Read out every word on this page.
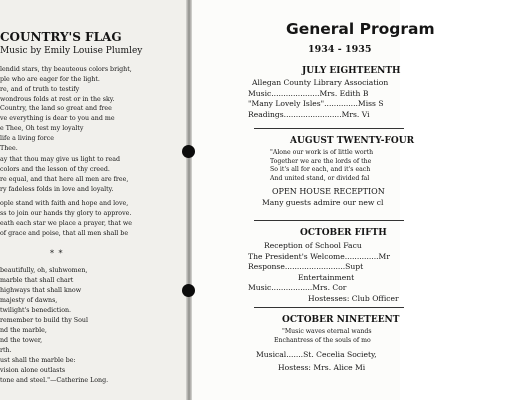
COUNTRY'S FLAG
Music by Emily Louise Plumley
lendid stars, thy beauteous colors bright,
ple who are eager for the light.
re, and of truth to testify
wondrous folds at rest or in the sky.
Country, the land so great and free
ve everything is dear to you and me
e Thee, Oh test my loyalty
life a living force
Thee.
ay that thou may give us light to read
colors and the lesson of thy creed.
re equal, and that here all men are free,
ry fadeless folds in love and loyalty.
ople stand with faith and hope and love,
ss to join our hands thy glory to approve.
eath each star we place a prayer, that we
of grace and poise, that all men shall be
* *
beautifully, oh, sluhwomen,
marble that shall chart
highways that shall know
majesty of dawns,
twilight's benediction.
remember to build thy Soul
nd the marble,
nd the tower,
rth.
ust shall the marble be:
vision alone outlasts
tone and steel."—Catherine Long.
General Program
1934 - 1935
JULY EIGHTEENTH
Allegan County Library Association
Music....................Mrs. Edith B
"Many Lovely Isles"..............Miss S
Readings........................Mrs. Vi
AUGUST TWENTY-FOUR
"Alone our work is of little worth
Together we are the lords of the
So it's all for each, and it's each
And united stand, or divided fal
OPEN HOUSE RECEPTION
Many guests admire our new cl
OCTOBER FIFTH
Reception of School Facu
The President's Welcome..............Mr
Response.........................Supt
Entertainment
Music.................Mrs. Cor
Hostesses: Club Officer
OCTOBER NINETEENT
"Music waves eternal wands
Enchantress of the souls of mo
Musical.......St. Cecelia Society,
Hostess: Mrs. Alice Mi
